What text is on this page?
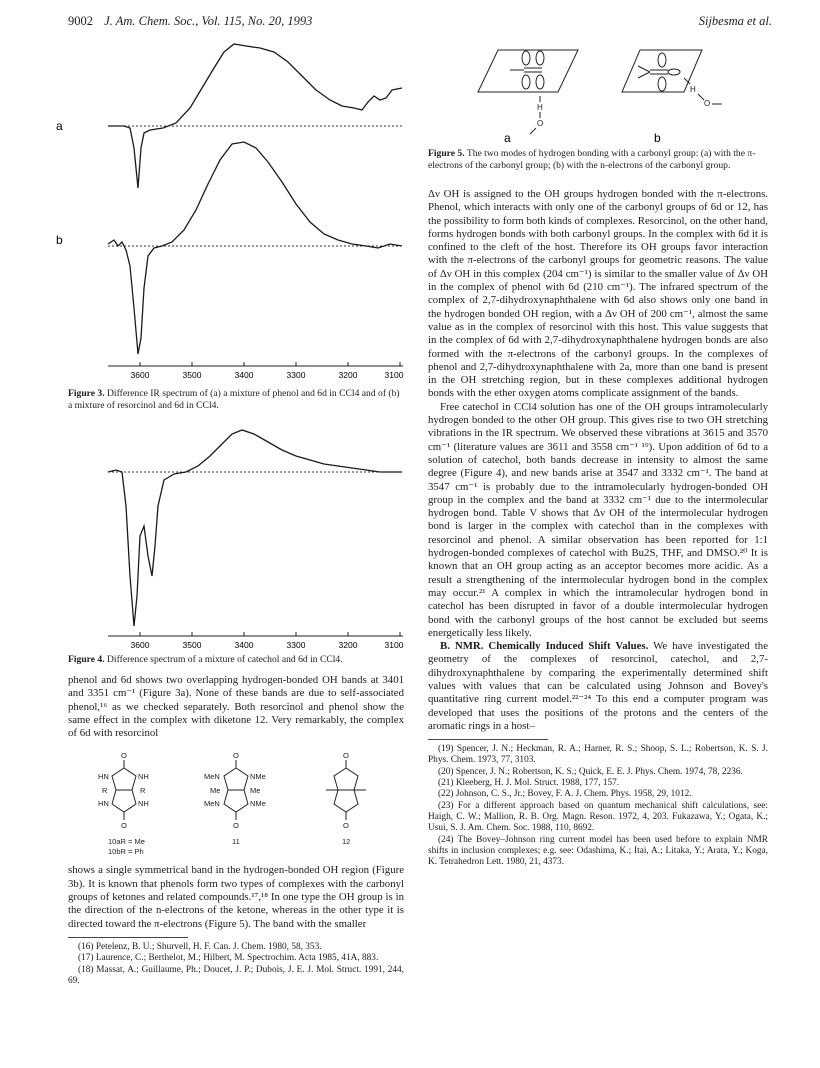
9002 J. Am. Chem. Soc., Vol. 115, No. 20, 1993	Sijbesma et al.
a
b
3600	3500	3400	3300	3200	3100

Figure 3. Difference IR spectrum of (a) a mixture of phenol and 6d in CCl4 and of (b) a mixture of resorcinol and 6d in CCl4.

3600	3500	3400	3300	3200	3100

Figure 4. Difference spectrum of a mixture of catechol and 6d in CCl4.

phenol and 6d shows two overlapping hydrogen-bonded OH bands at 3401 and 3351 cm⁻¹ (Figure 3a). None of these bands are due to self-associated phenol,¹⁶ as we checked separately. Both resorcinol and phenol show the same effect in the complex with diketone 12. Very remarkably, the complex of 6d with resorcinol

O
O
HN	NH
HN	NH
R	R
O
O
MeN	NMe
MeN	NMe
Me	Me
O
O
10aR = Me
10bR = Ph
11	12

shows a single symmetrical band in the hydrogen-bonded OH region (Figure 3b). It is known that phenols form two types of complexes with the carbonyl groups of ketones and related compounds.¹⁷,¹⁸ In one type the OH group is in the direction of the n-electrons of the ketone, whereas in the other type it is directed toward the π-electrons (Figure 5). The band with the smaller

(16) Petelenz, B. U.; Shurvell, H. F. Can. J. Chem. 1980, 58, 353.

(17) Laurence, C.; Berthelot, M.; Hilbert, M. Spectrochim. Acta 1985, 41A, 883.

(18) Massat, A.; Guillaume, Ph.; Doucet, J. P.; Dubois, J. E. J. Mol. Struct. 1991, 244, 69.

H
O
H
O
a	b

Figure 5. The two modes of hydrogen bonding with a carbonyl group: (a) with the π-electrons of the carbonyl group; (b) with the n-electrons of the carbonyl group.

Δν OH is assigned to the OH groups hydrogen bonded with the π-electrons. Phenol, which interacts with only one of the carbonyl groups of 6d or 12, has the possibility to form both kinds of complexes. Resorcinol, on the other hand, forms hydrogen bonds with both carbonyl groups. In the complex with 6d it is confined to the cleft of the host. Therefore its OH groups favor interaction with the π-electrons of the carbonyl groups for geometric reasons. The value of Δν OH in this complex (204 cm⁻¹) is similar to the smaller value of Δν OH in the complex of phenol with 6d (210 cm⁻¹). The infrared spectrum of the complex of 2,7-dihydroxynaphthalene with 6d also shows only one band in the hydrogen bonded OH region, with a Δν OH of 200 cm⁻¹, almost the same value as in the complex of resorcinol with this host. This value suggests that in the complex of 6d with 2,7-dihydroxynaphthalene hydrogen bonds are also formed with the π-electrons of the carbonyl groups. In the complexes of phenol and 2,7-dihydroxynaphthalene with 2a, more than one band is present in the OH stretching region, but in these complexes additional hydrogen bonds with the ether oxygen atoms complicate assignment of the bands.

Free catechol in CCl4 solution has one of the OH groups intramolecularly hydrogen bonded to the other OH group. This gives rise to two OH stretching vibrations in the IR spectrum. We observed these vibrations at 3615 and 3570 cm⁻¹ (literature values are 3611 and 3558 cm⁻¹ ¹⁹). Upon addition of 6d to a solution of catechol, both bands decrease in intensity to almost the same degree (Figure 4), and new bands arise at 3547 and 3332 cm⁻¹. The band at 3547 cm⁻¹ is probably due to the intramolecularly hydrogen-bonded OH group in the complex and the band at 3332 cm⁻¹ due to the intermolecular hydrogen bond. Table V shows that Δν OH of the intermolecular hydrogen bond is larger in the complex with catechol than in the complexes with resorcinol and phenol. A similar observation has been reported for 1:1 hydrogen-bonded complexes of catechol with Bu2S, THF, and DMSO.²⁰ It is known that an OH group acting as an acceptor becomes more acidic. As a result a strengthening of the intermolecular hydrogen bond in the complex may occur.²¹ A complex in which the intramolecular hydrogen bond in catechol has been disrupted in favor of a double intermolecular hydrogen bond with the carbonyl groups of the host cannot be excluded but seems energetically less likely.

B. NMR. Chemically Induced Shift Values. We have investigated the geometry of the complexes of resorcinol, catechol, and 2,7-dihydroxynaphthalene by comparing the experimentally determined shift values with values that can be calculated using Johnson and Bovey's quantitative ring current model.²²⁻²⁴ To this end a computer program was developed that uses the positions of the protons and the centers of the aromatic rings in a host–

(19) Spencer, J. N.; Heckman, R. A.; Harner, R. S.; Shoop, S. L.; Robertson, K. S. J. Phys. Chem. 1973, 77, 3103.

(20) Spencer, J. N.; Robertson, K. S.; Quick, E. E. J. Phys. Chem. 1974, 78, 2236.

(21) Kleeberg, H. J. Mol. Struct. 1988, 177, 157.

(22) Johnson, C. S., Jr.; Bovey, F. A. J. Chem. Phys. 1958, 29, 1012.

(23) For a different approach based on quantum mechanical shift calculations, see: Haigh, C. W.; Mallion, R. B. Org. Magn. Reson. 1972, 4, 203. Fukazawa, Y.; Ogata, K.; Usui, S. J. Am. Chem. Soc. 1988, 110, 8692.

(24) The Bovey–Johnson ring current model has been used before to explain NMR shifts in inclusion complexes; e.g. see: Odashima, K.; Itai, A.; Litaka, Y.; Arata, Y.; Koga, K. Tetrahedron Lett. 1980, 21, 4373.
